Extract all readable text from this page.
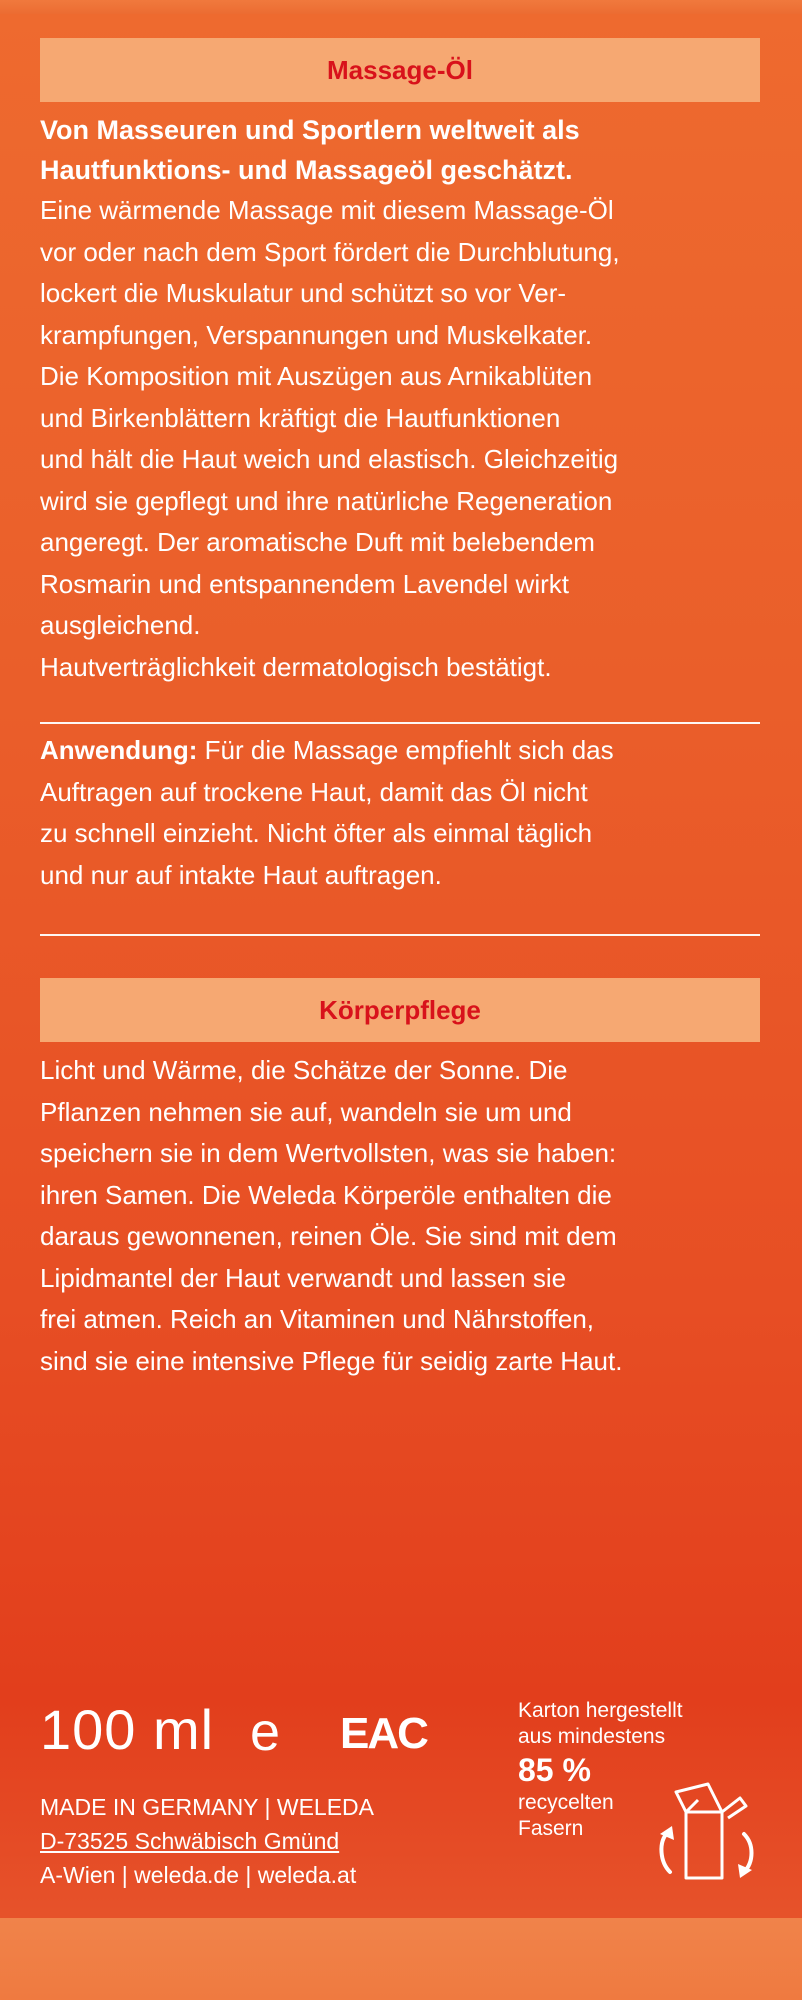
Massage-Öl
Von Masseuren und Sportlern weltweit als
Hautfunktions- und Massageöl geschätzt.
Eine wärmende Massage mit diesem Massage-Öl
vor oder nach dem Sport fördert die Durchblutung,
lockert die Muskulatur und schützt so vor Ver-
krampfungen, Verspannungen und Muskelkater.
Die Komposition mit Auszügen aus Arnikablüten
und Birkenblättern kräftigt die Hautfunktionen
und hält die Haut weich und elastisch. Gleichzeitig
wird sie gepflegt und ihre natürliche Regeneration
angeregt. Der aromatische Duft mit belebendem
Rosmarin und entspannendem Lavendel wirkt
ausgleichend.
Hautverträglichkeit dermatologisch bestätigt.
Anwendung: Für die Massage empfiehlt sich das
Auftragen auf trockene Haut, damit das Öl nicht
zu schnell einzieht. Nicht öfter als einmal täglich
und nur auf intakte Haut auftragen.
Körperpflege
Licht und Wärme, die Schätze der Sonne. Die
Pflanzen nehmen sie auf, wandeln sie um und
speichern sie in dem Wertvollsten, was sie haben:
ihren Samen. Die Weleda Körperöle enthalten die
daraus gewonnenen, reinen Öle. Sie sind mit dem
Lipidmantel der Haut verwandt und lassen sie
frei atmen. Reich an Vitaminen und Nährstoffen,
sind sie eine intensive Pflege für seidig zarte Haut.
100 ml e EAC
MADE IN GERMANY | WELEDA
D-73525 Schwäbisch Gmünd
A-Wien | weleda.de | weleda.at
Karton hergestellt
aus mindestens
85 %
recycelten
Fasern
